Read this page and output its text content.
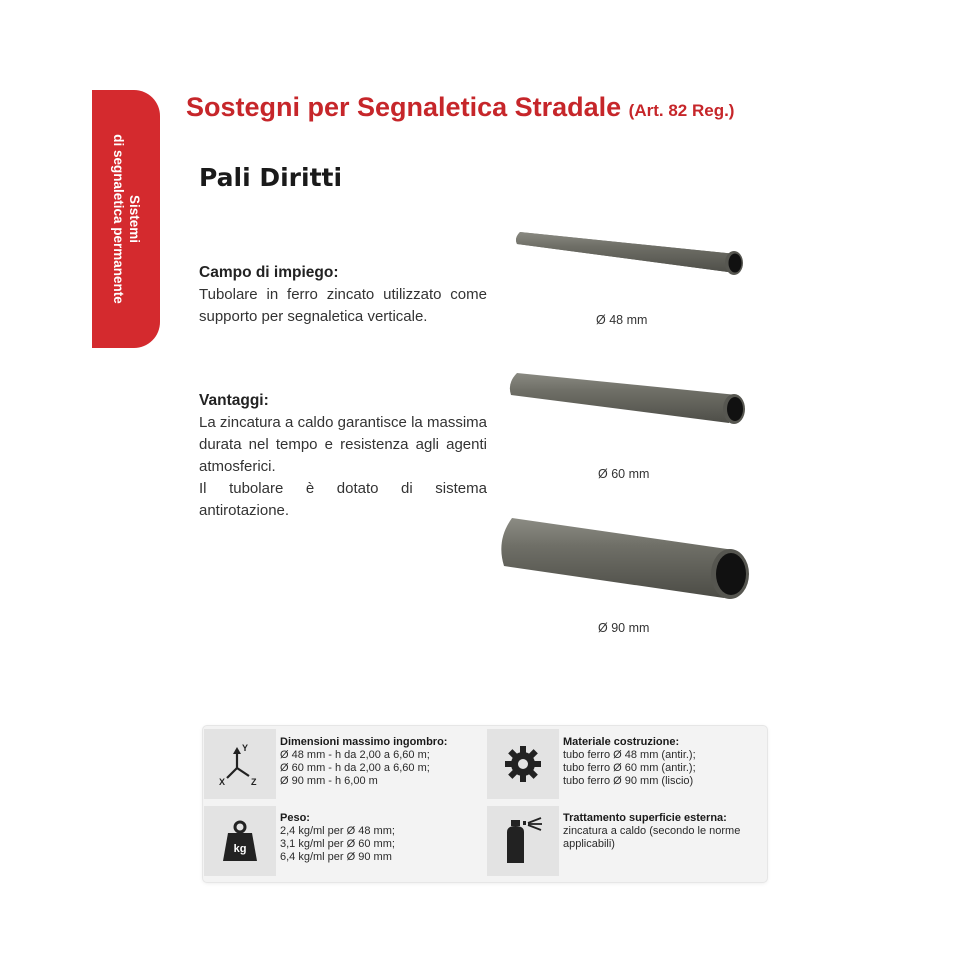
Sistemi
di segnaletica permanente
Sostegni per Segnaletica Stradale (Art. 82 Reg.)
Pali Diritti
Campo di impiego:
Tubolare in ferro zincato utilizzato come supporto per segnaletica verticale.
Vantaggi:
La zincatura a caldo garantisce la massima durata nel tempo e resistenza agli agenti atmosferici.
Il tubolare è dotato di sistema antirotazione.
Ø 48 mm
Ø 60 mm
Ø 90 mm
Y
X	Z
Dimensioni massimo ingombro:
Ø 48 mm - h da 2,00 a 6,60 m;
Ø 60 mm - h da 2,00 a 6,60 m;
Ø 90 mm - h 6,00 m
Materiale costruzione:
tubo ferro Ø 48 mm (antir.);
tubo ferro Ø 60 mm (antir.);
tubo ferro Ø 90 mm (liscio)
kg
Peso:
2,4 kg/ml per Ø 48 mm;
3,1 kg/ml per Ø 60 mm;
6,4 kg/ml per Ø 90 mm
Trattamento superficie esterna:
zincatura a caldo (secondo le norme applicabili)
